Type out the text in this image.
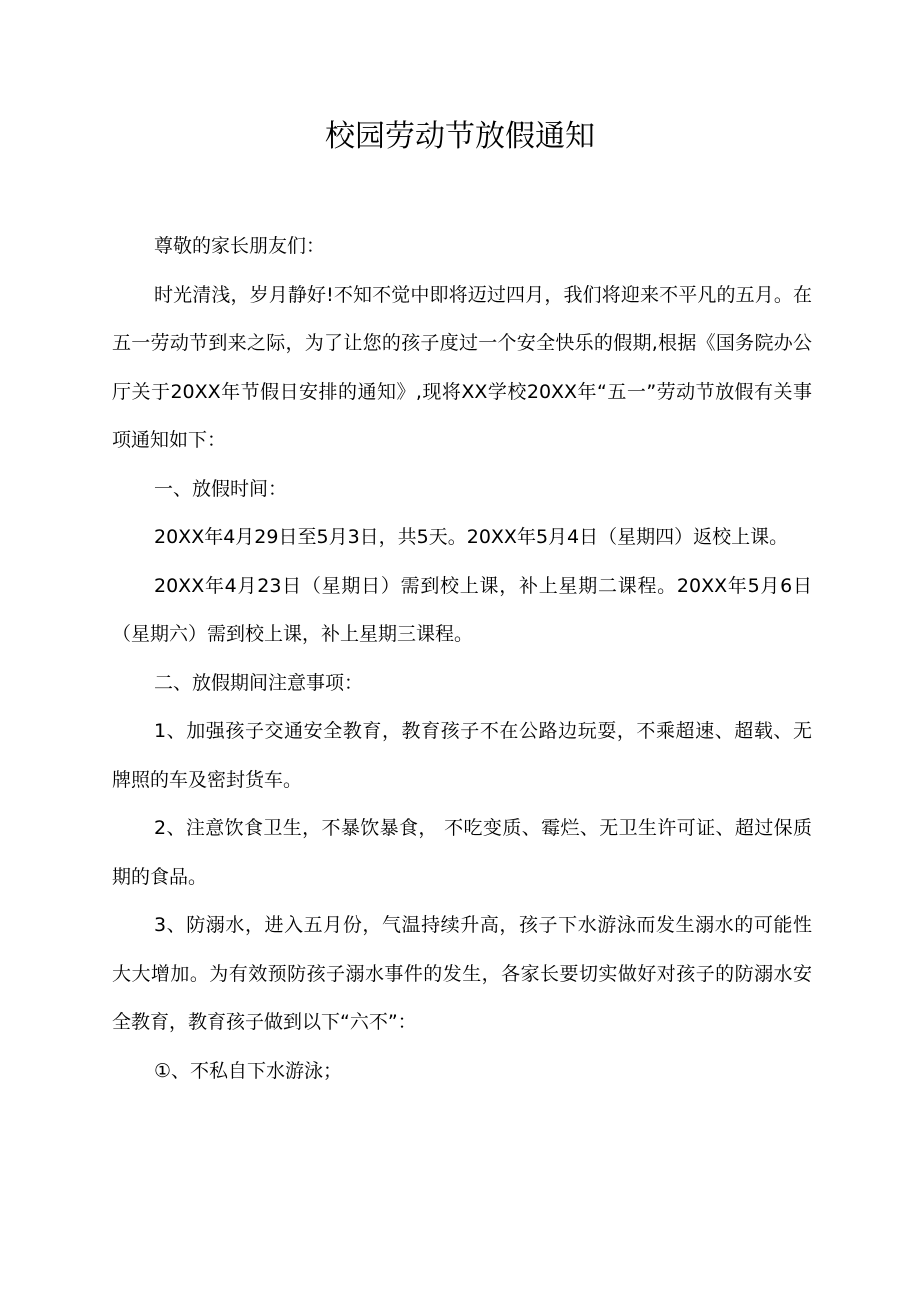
校园劳动节放假通知

尊敬的家长朋友们：

时光清浅，岁月静好!不知不觉中即将迈过四月，我们将迎来不平凡的五月。在五一劳动节到来之际，为了让您的孩子度过一个安全快乐的假期,根据《国务院办公厅关于20XX年节假日安排的通知》,现将XX学校20XX年“五一”劳动节放假有关事项通知如下：

一、放假时间：

20XX年4月29日至5月3日，共5天。20XX年5月4日（星期四）返校上课。

20XX年4月23日（星期日）需到校上课，补上星期二课程。20XX年5月6日（星期六）需到校上课，补上星期三课程。

二、放假期间注意事项：

1、加强孩子交通安全教育，教育孩子不在公路边玩耍，不乘超速、超载、无牌照的车及密封货车。

2、注意饮食卫生，不暴饮暴食， 不吃变质、霉烂、无卫生许可证、超过保质期的食品。

3、防溺水，进入五月份，气温持续升高，孩子下水游泳而发生溺水的可能性大大增加。为有效预防孩子溺水事件的发生，各家长要切实做好对孩子的防溺水安全教育，教育孩子做到以下“六不”：

①、不私自下水游泳；
